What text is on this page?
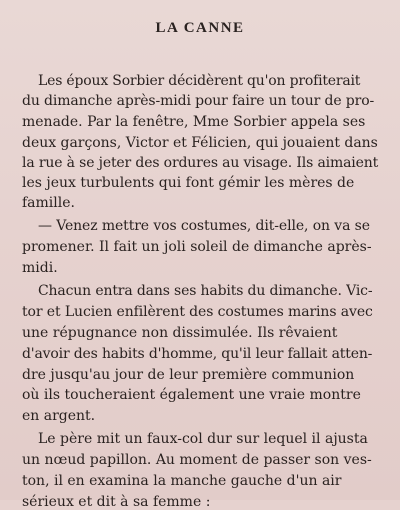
LA CANNE
Les époux Sorbier décidèrent qu'on profiterait
du dimanche après-midi pour faire un tour de pro-
menade. Par la fenêtre, Mme Sorbier appela ses
deux garçons, Victor et Félicien, qui jouaient dans
la rue à se jeter des ordures au visage. Ils aimaient
les jeux turbulents qui font gémir les mères de
famille.
— Venez mettre vos costumes, dit-elle, on va se
promener. Il fait un joli soleil de dimanche après-
midi.
Chacun entra dans ses habits du dimanche. Vic-
tor et Lucien enfilèrent des costumes marins avec
une répugnance non dissimulée. Ils rêvaient
d'avoir des habits d'homme, qu'il leur fallait atten-
dre jusqu'au jour de leur première communion
où ils toucheraient également une vraie montre
en argent.
Le père mit un faux-col dur sur lequel il ajusta
un nœud papillon. Au moment de passer son ves-
ton, il en examina la manche gauche d'un air
sérieux et dit à sa femme :
